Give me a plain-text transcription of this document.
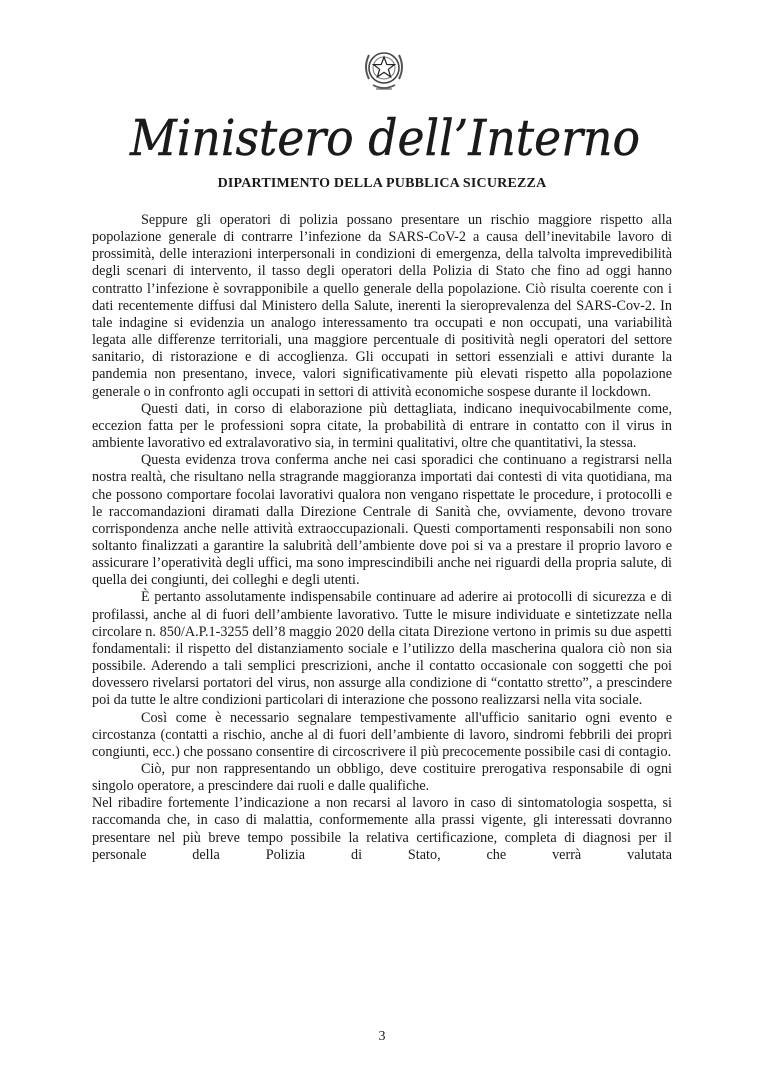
Ministero dell’Interno
DIPARTIMENTO DELLA PUBBLICA SICUREZZA

Seppure gli operatori di polizia possano presentare un rischio maggiore rispetto alla popolazione generale di contrarre l’infezione da SARS-CoV-2 a causa dell’inevitabile lavoro di prossimità, delle interazioni interpersonali in condizioni di emergenza, della talvolta imprevedibilità degli scenari di intervento, il tasso degli operatori della Polizia di Stato che fino ad oggi hanno contratto l’infezione è sovrapponibile a quello generale della popolazione. Ciò risulta coerente con i dati recentemente diffusi dal Ministero della Salute, inerenti la sieroprevalenza del SARS-Cov-2. In tale indagine si evidenzia un analogo interessamento tra occupati e non occupati, una variabilità legata alle differenze territoriali, una maggiore percentuale di positività negli operatori del settore sanitario, di ristorazione e di accoglienza. Gli occupati in settori essenziali e attivi durante la pandemia non presentano, invece, valori significativamente più elevati rispetto alla popolazione generale o in confronto agli occupati in settori di attività economiche sospese durante il lockdown.

Questi dati, in corso di elaborazione più dettagliata, indicano inequivocabilmente come, eccezion fatta per le professioni sopra citate, la probabilità di entrare in contatto con il virus in ambiente lavorativo ed extralavorativo sia, in termini qualitativi, oltre che quantitativi, la stessa.

Questa evidenza trova conferma anche nei casi sporadici che continuano a registrarsi nella nostra realtà, che risultano nella stragrande maggioranza importati dai contesti di vita quotidiana, ma che possono comportare focolai lavorativi qualora non vengano rispettate le procedure, i protocolli e le raccomandazioni diramati dalla Direzione Centrale di Sanità che, ovviamente, devono trovare corrispondenza anche nelle attività extraoccupazionali. Questi comportamenti responsabili non sono soltanto finalizzati a garantire la salubrità dell’ambiente dove poi si va a prestare il proprio lavoro e assicurare l’operatività degli uffici, ma sono imprescindibili anche nei riguardi della propria salute, di quella dei congiunti, dei colleghi e degli utenti.

È pertanto assolutamente indispensabile continuare ad aderire ai protocolli di sicurezza e di profilassi, anche al di fuori dell’ambiente lavorativo. Tutte le misure individuate e sintetizzate nella circolare n. 850/A.P.1-3255 dell’8 maggio 2020 della citata Direzione vertono in primis su due aspetti fondamentali: il rispetto del distanziamento sociale e l’utilizzo della mascherina qualora ciò non sia possibile. Aderendo a tali semplici prescrizioni, anche il contatto occasionale con soggetti che poi dovessero rivelarsi portatori del virus, non assurge alla condizione di “contatto stretto”, a prescindere poi da tutte le altre condizioni particolari di interazione che possono realizzarsi nella vita sociale.

Così come è necessario segnalare tempestivamente all'ufficio sanitario ogni evento e circostanza (contatti a rischio, anche al di fuori dell’ambiente di lavoro, sindromi febbrili dei propri congiunti, ecc.) che possano consentire di circoscrivere il più precocemente possibile casi di contagio.

Ciò, pur non rappresentando un obbligo, deve costituire prerogativa responsabile di ogni singolo operatore, a prescindere dai ruoli e dalle qualifiche.

Nel ribadire fortemente l’indicazione a non recarsi al lavoro in caso di sintomatologia sospetta, si raccomanda che, in caso di malattia, conformemente alla prassi vigente, gli interessati dovranno presentare nel più breve tempo possibile la relativa certificazione, completa di diagnosi per il personale della Polizia di Stato, che verrà valutata

3
